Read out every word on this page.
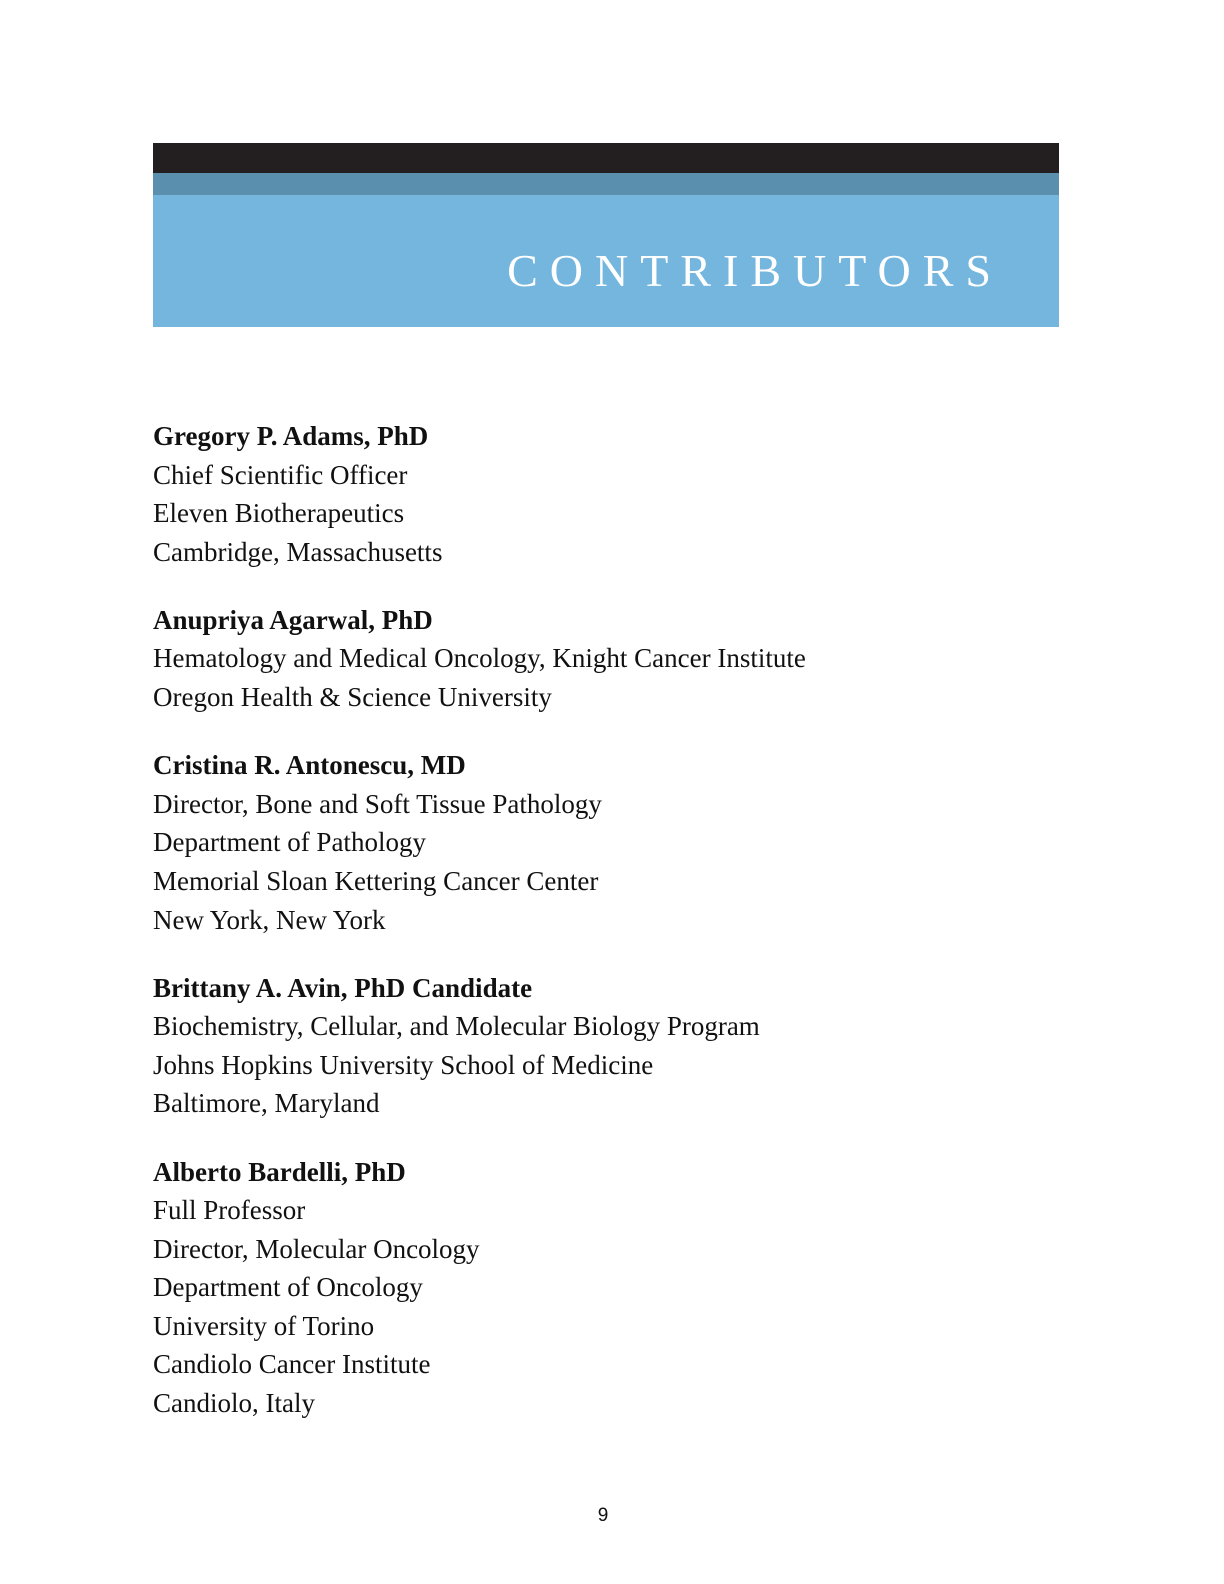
CONTRIBUTORS

Gregory P. Adams, PhD

Chief Scientific Officer

Eleven Biotherapeutics

Cambridge, Massachusetts

Anupriya Agarwal, PhD

Hematology and Medical Oncology, Knight Cancer Institute

Oregon Health & Science University

Cristina R. Antonescu, MD

Director, Bone and Soft Tissue Pathology

Department of Pathology

Memorial Sloan Kettering Cancer Center

New York, New York

Brittany A. Avin, PhD Candidate

Biochemistry, Cellular, and Molecular Biology Program

Johns Hopkins University School of Medicine

Baltimore, Maryland

Alberto Bardelli, PhD

Full Professor

Director, Molecular Oncology

Department of Oncology

University of Torino

Candiolo Cancer Institute

Candiolo, Italy

9
